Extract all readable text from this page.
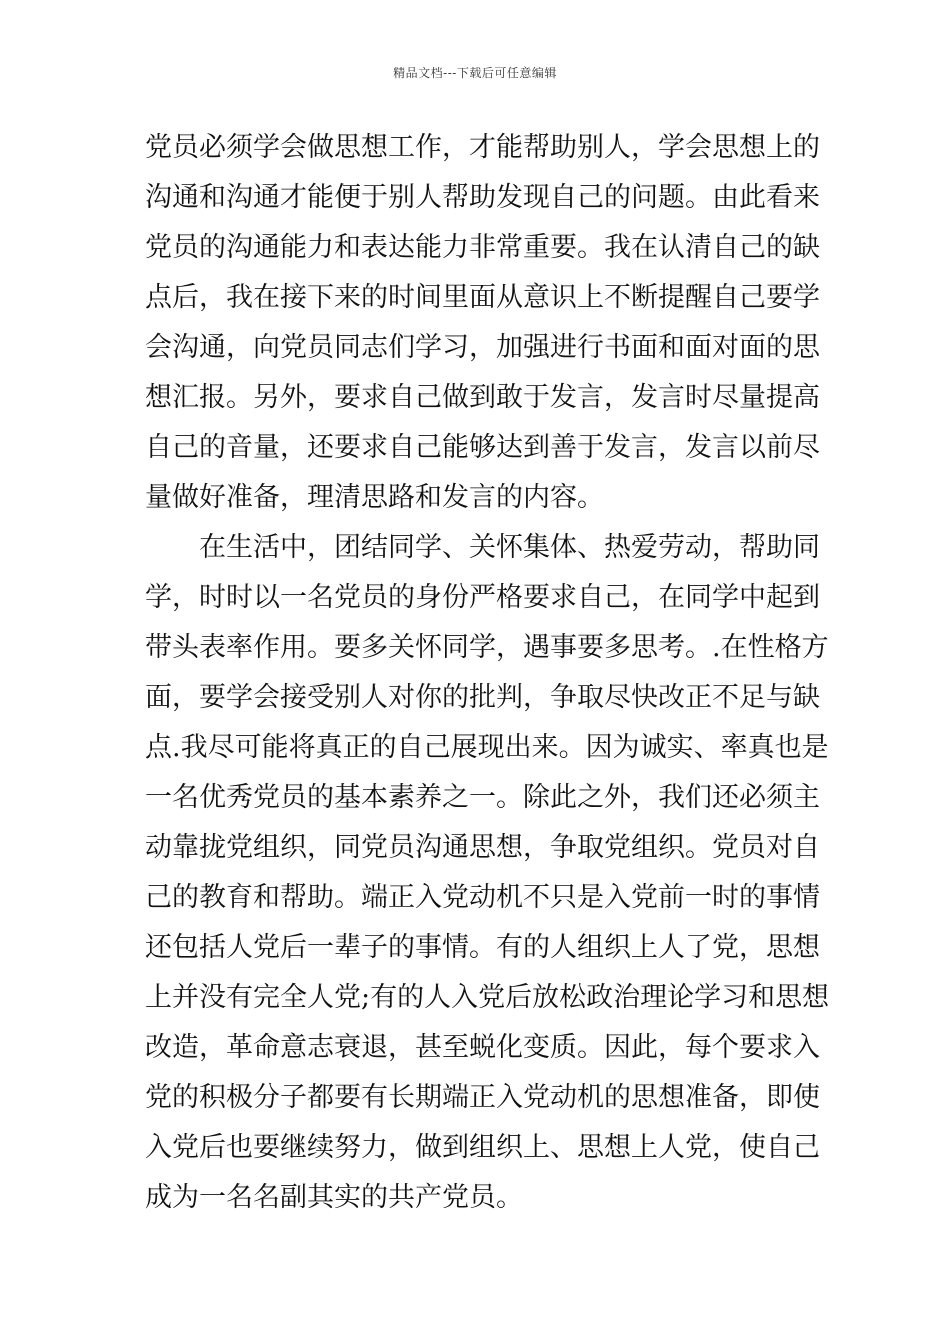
精品文档---下载后可任意编辑
党员必须学会做思想工作，才能帮助别人，学会思想上的
沟通和沟通才能便于别人帮助发现自己的问题。由此看来
党员的沟通能力和表达能力非常重要。我在认清自己的缺
点后，我在接下来的时间里面从意识上不断提醒自己要学
会沟通，向党员同志们学习，加强进行书面和面对面的思
想汇报。另外，要求自己做到敢于发言，发言时尽量提高
自己的音量，还要求自己能够达到善于发言，发言以前尽
量做好准备，理清思路和发言的内容。
在生活中，团结同学、关怀集体、热爱劳动，帮助同
学，时时以一名党员的身份严格要求自己，在同学中起到
带头表率作用。要多关怀同学，遇事要多思考。.在性格方
面，要学会接受别人对你的批判，争取尽快改正不足与缺
点.我尽可能将真正的自己展现出来。因为诚实、率真也是
一名优秀党员的基本素养之一。除此之外，我们还必须主
动靠拢党组织，同党员沟通思想，争取党组织。党员对自
己的教育和帮助。端正入党动机不只是入党前一时的事情
还包括人党后一辈子的事情。有的人组织上人了党，思想
上并没有完全人党;有的人入党后放松政治理论学习和思想
改造，革命意志衰退，甚至蜕化变质。因此，每个要求入
党的积极分子都要有长期端正入党动机的思想准备，即使
入党后也要继续努力，做到组织上、思想上人党，使自己
成为一名名副其实的共产党员。
